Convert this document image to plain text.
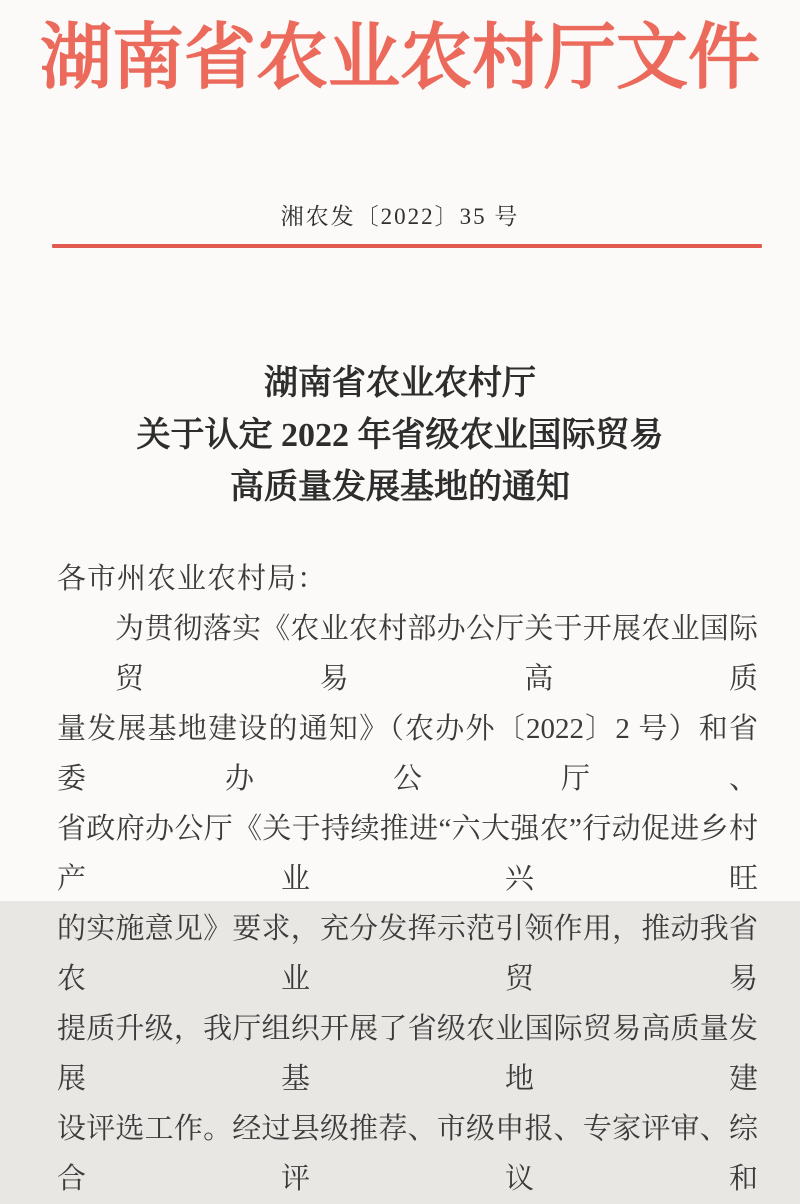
湖南省农业农村厅文件
湘农发〔2022〕35 号
湖南省农业农村厅
关于认定 2022 年省级农业国际贸易
高质量发展基地的通知
各市州农业农村局：
为贯彻落实《农业农村部办公厅关于开展农业国际贸易高质
量发展基地建设的通知》（农办外〔2022〕2 号）和省委办公厅、
省政府办公厅《关于持续推进“六大强农”行动促进乡村产业兴旺
的实施意见》要求，充分发挥示范引领作用，推动我省农业贸易
提质升级，我厅组织开展了省级农业国际贸易高质量发展基地建
设评选工作。经过县级推荐、市级申报、专家评审、综合评议和
